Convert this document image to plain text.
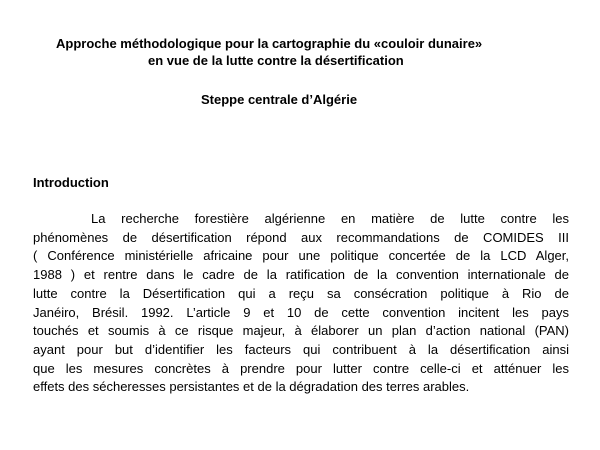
Approche méthodologique pour la cartographie du «couloir dunaire»
en vue de la lutte contre la désertification
Steppe centrale d’Algérie
Introduction
La recherche forestière algérienne en matière de lutte contre les
phénomènes de désertification répond aux recommandations de COMIDES III
( Conférence ministérielle africaine pour une politique concertée de la LCD Alger,
1988 ) et rentre dans le cadre de la ratification de la convention internationale de
lutte contre la Désertification qui a reçu sa consécration politique à Rio de
Janéiro, Brésil. 1992. L’article 9 et 10 de cette convention incitent les pays
touchés et soumis à ce risque majeur, à élaborer un plan d’action national (PAN)
ayant pour but d’identifier les facteurs qui contribuent à la désertification ainsi
que les mesures concrètes à prendre pour lutter contre celle-ci et atténuer les
effets des sécheresses persistantes et de la dégradation des terres arables.
